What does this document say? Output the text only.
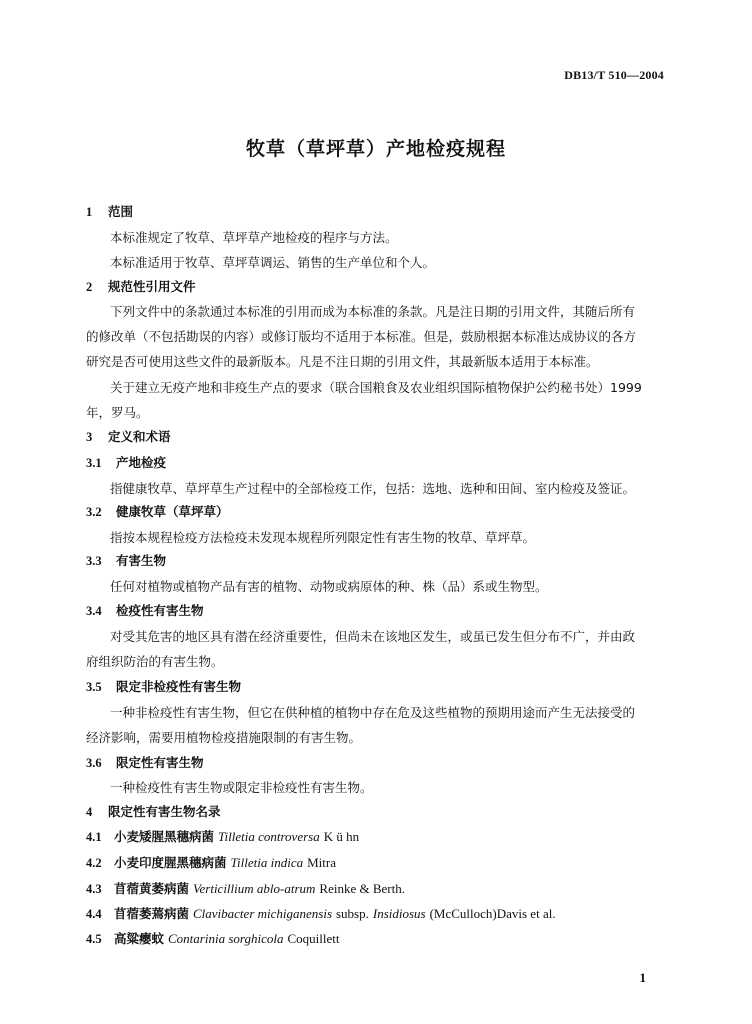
DB13/T 510—2004
牧草（草坪草）产地检疫规程
1 范围
本标准规定了牧草、草坪草产地检疫的程序与方法。
本标准适用于牧草、草坪草调运、销售的生产单位和个人。
2 规范性引用文件
下列文件中的条款通过本标准的引用而成为本标准的条款。凡是注日期的引用文件，其随后所有
的修改单（不包括勘误的内容）或修订版均不适用于本标准。但是，鼓励根据本标准达成协议的各方
研究是否可使用这些文件的最新版本。凡是不注日期的引用文件，其最新版本适用于本标准。
关于建立无疫产地和非疫生产点的要求（联合国粮食及农业组织国际植物保护公约秘书处）1999
年，罗马。
3 定义和术语
3.1 产地检疫
指健康牧草、草坪草生产过程中的全部检疫工作，包括：选地、选种和田间、室内检疫及签证。
3.2 健康牧草（草坪草）
指按本规程检疫方法检疫未发现本规程所列限定性有害生物的牧草、草坪草。
3.3 有害生物
任何对植物或植物产品有害的植物、动物或病原体的种、株（品）系或生物型。
3.4 检疫性有害生物
对受其危害的地区具有潜在经济重要性，但尚未在该地区发生，或虽已发生但分布不广，并由政
府组织防治的有害生物。
3.5 限定非检疫性有害生物
一种非检疫性有害生物，但它在供种植的植物中存在危及这些植物的预期用途而产生无法接受的
经济影响，需要用植物检疫措施限制的有害生物。
3.6 限定性有害生物
一种检疫性有害生物或限定非检疫性有害生物。
4 限定性有害生物名录
4.1 小麦矮腥黑穗病菌 Tilletia controversa K ü hn
4.2 小麦印度腥黑穗病菌 Tilletia indica Mitra
4.3 苜蓿黄萎病菌 Verticillium ablo-atrum Reinke & Berth.
4.4 苜蓿萎蔫病菌 Clavibacter michiganensis subsp. Insidiosus (McCulloch)Davis et al.
4.5 高粱瘿蚊 Contarinia sorghicola Coquillett
1
